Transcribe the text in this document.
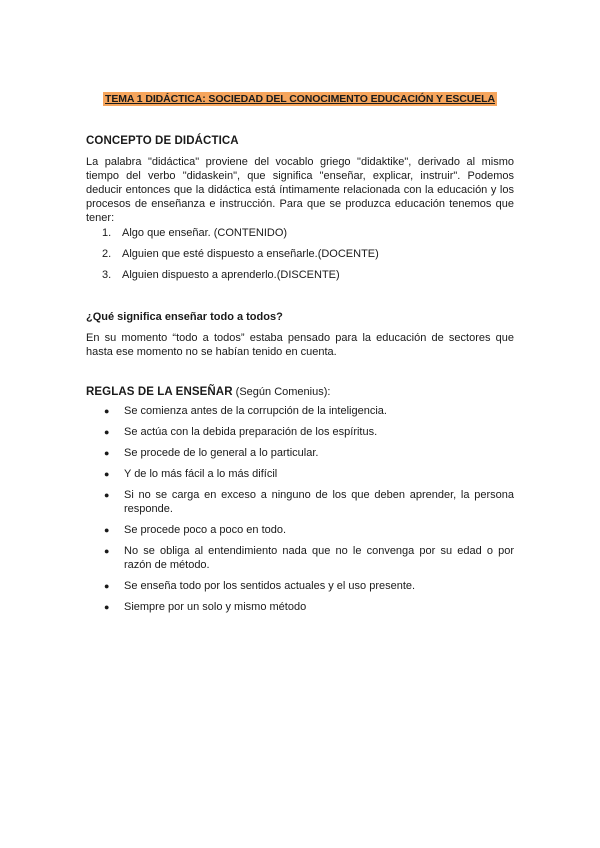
TEMA 1 DIDÁCTICA: SOCIEDAD DEL CONOCIMENTO EDUCACIÓN Y ESCUELA
CONCEPTO DE DIDÁCTICA
La palabra "didáctica" proviene del vocablo griego "didaktike", derivado al mismo tiempo del verbo "didaskein", que significa "enseñar, explicar, instruir". Podemos deducir entonces que la didáctica está íntimamente relacionada con la educación y los procesos de enseñanza e instrucción. Para que se produzca educación tenemos que tener:
1. Algo que enseñar. (CONTENIDO)
2. Alguien que esté dispuesto a enseñarle.(DOCENTE)
3. Alguien dispuesto a aprenderlo.(DISCENTE)
¿Qué significa enseñar todo a todos?
En su momento “todo a todos” estaba pensado para la educación de sectores que hasta ese momento no se habían tenido en cuenta.
REGLAS DE LA ENSEÑAR (Según Comenius):
●	Se comienza antes de la corrupción de la inteligencia.
●	Se actúa con la debida preparación de los espíritus.
●	Se procede de lo general a lo particular.
●	Y de lo más fácil a lo más difícil
●	Si no se carga en exceso a ninguno de los que deben aprender, la persona responde.
●	Se procede poco a poco en todo.
●	No se obliga al entendimiento nada que no le convenga por su edad o por razón de método.
●	Se enseña todo por los sentidos actuales y el uso presente.
●	Siempre por un solo y mismo método
